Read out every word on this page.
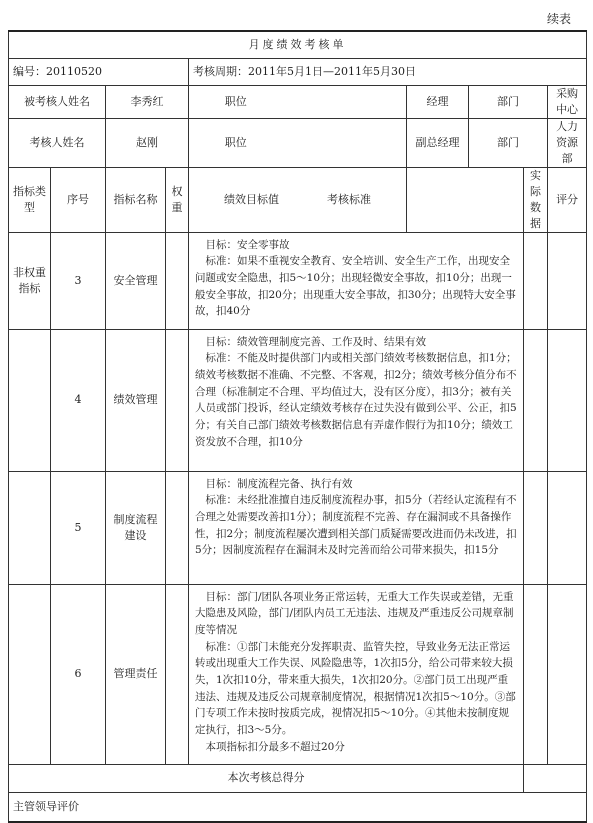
续表
月度绩效考核单									
编号：20110520				考核周期：2011年5月1日—2011年5月30日					
被考核人姓名		李秀红		职位		经理	部门		采购中心
考核人姓名		赵刚		职位		副总经理	部门		人力资源部
指标类型	序号	指标名称	权重	绩效目标值 考核标准				实际数据	评分
非权重指标	3	安全管理		目标：安全零事故

标准：如果不重视安全教育、安全培训、安全生产工作，出现安全问题或安全隐患，扣5～10分；出现轻微安全事故，扣10分；出现一般安全事故，扣20分；出现重大安全事故，扣30分；出现特大安全事故，扣40分					

	4	绩效管理		目标：绩效管理制度完善、工作及时、结果有效

标准：不能及时提供部门内或相关部门绩效考核数据信息，扣1分；绩效考核数据不准确、不完整、不客观，扣2分；绩效考核分值分布不合理（标准制定不合理、平均值过大，没有区分度），扣3分；被有关人员或部门投诉，经认定绩效考核存在过失没有做到公平、公正，扣5分；有关自己部门绩效考核数据信息有弄虚作假行为扣10分；绩效工资发放不合理，扣10分					

	5	制度流程建设		目标：制度流程完备、执行有效

标准：未经批准擅自违反制度流程办事，扣5分（若经认定流程有不合理之处需要改善扣1分）；制度流程不完善、存在漏洞或不具备操作性，扣2分；制度流程屡次遭到相关部门质疑需要改进而仍未改进，扣5分；因制度流程存在漏洞未及时完善而给公司带来损失，扣15分					

	6	管理责任		目标：部门/团队各项业务正常运转，无重大工作失误或差错，无重大隐患及风险，部门/团队内员工无违法、违规及严重违反公司规章制度等情况

标准：①部门未能充分发挥职责、监管失控，导致业务无法正常运转或出现重大工作失误、风险隐患等，1次扣5分，给公司带来较大损失，1次扣10分，带来重大损失，1次扣20分。②部门员工出现严重违法、违规及违反公司规章制度情况，根据情况1次扣5～10分。③部门专项工作未按时按质完成，视情况扣5～10分。④其他未按制度规定执行，扣3～5分。

本项指标扣分最多不超过20分					

本次考核总得分									
主管领导评价									
